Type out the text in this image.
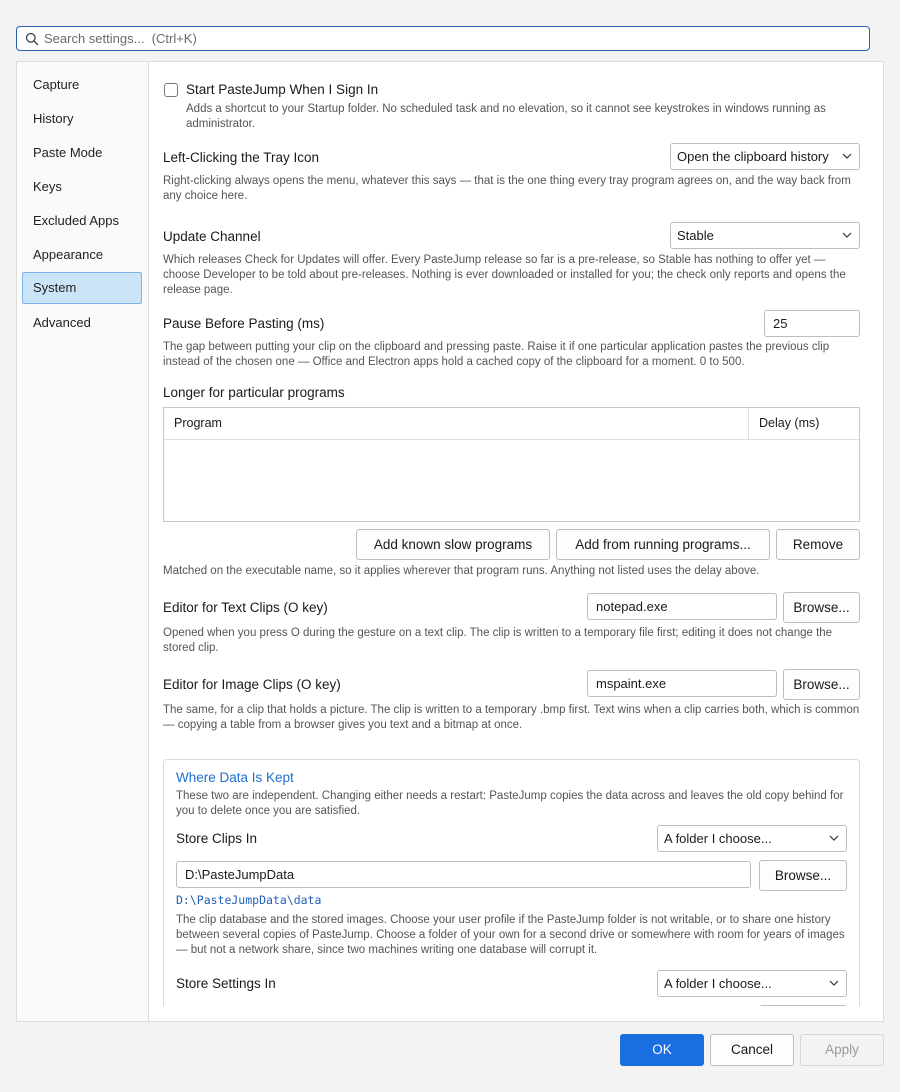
Search settings... (Ctrl+K)
Capture
History
Paste Mode
Keys
Excluded Apps
Appearance
System
Advanced
Start PasteJump When I Sign In
Adds a shortcut to your Startup folder. No scheduled task and no elevation, so it cannot see keystrokes in windows running as administrator.
Left-Clicking the Tray Icon	Open the clipboard history
Right-clicking always opens the menu, whatever this says — that is the one thing every tray program agrees on, and the way back from any choice here.
Update Channel	Stable
Which releases Check for Updates will offer. Every PasteJump release so far is a pre-release, so Stable has nothing to offer yet — choose Developer to be told about pre-releases. Nothing is ever downloaded or installed for you; the check only reports and opens the release page.
Pause Before Pasting (ms)	25
The gap between putting your clip on the clipboard and pressing paste. Raise it if one particular application pastes the previous clip instead of the chosen one — Office and Electron apps hold a cached copy of the clipboard for a moment. 0 to 500.
Longer for particular programs
Program	Delay (ms)
Add known slow programs	Add from running programs...	Remove
Matched on the executable name, so it applies wherever that program runs. Anything not listed uses the delay above.
Editor for Text Clips (O key)	notepad.exe	Browse...
Opened when you press O during the gesture on a text clip. The clip is written to a temporary file first; editing it does not change the stored clip.
Editor for Image Clips (O key)	mspaint.exe	Browse...
The same, for a clip that holds a picture. The clip is written to a temporary .bmp first. Text wins when a clip carries both, which is common — copying a table from a browser gives you text and a bitmap at once.
Where Data Is Kept
These two are independent. Changing either needs a restart: PasteJump copies the data across and leaves the old copy behind for you to delete once you are satisfied.
Store Clips In	A folder I choose...
D:\PasteJumpData	Browse...
D:\PasteJumpData\data
The clip database and the stored images. Choose your user profile if the PasteJump folder is not writable, or to share one history between several copies of PasteJump. Choose a folder of your own for a second drive or somewhere with room for years of images — but not a network share, since two machines writing one database will corrupt it.
Store Settings In	A folder I choose...
OK	Cancel	Apply
